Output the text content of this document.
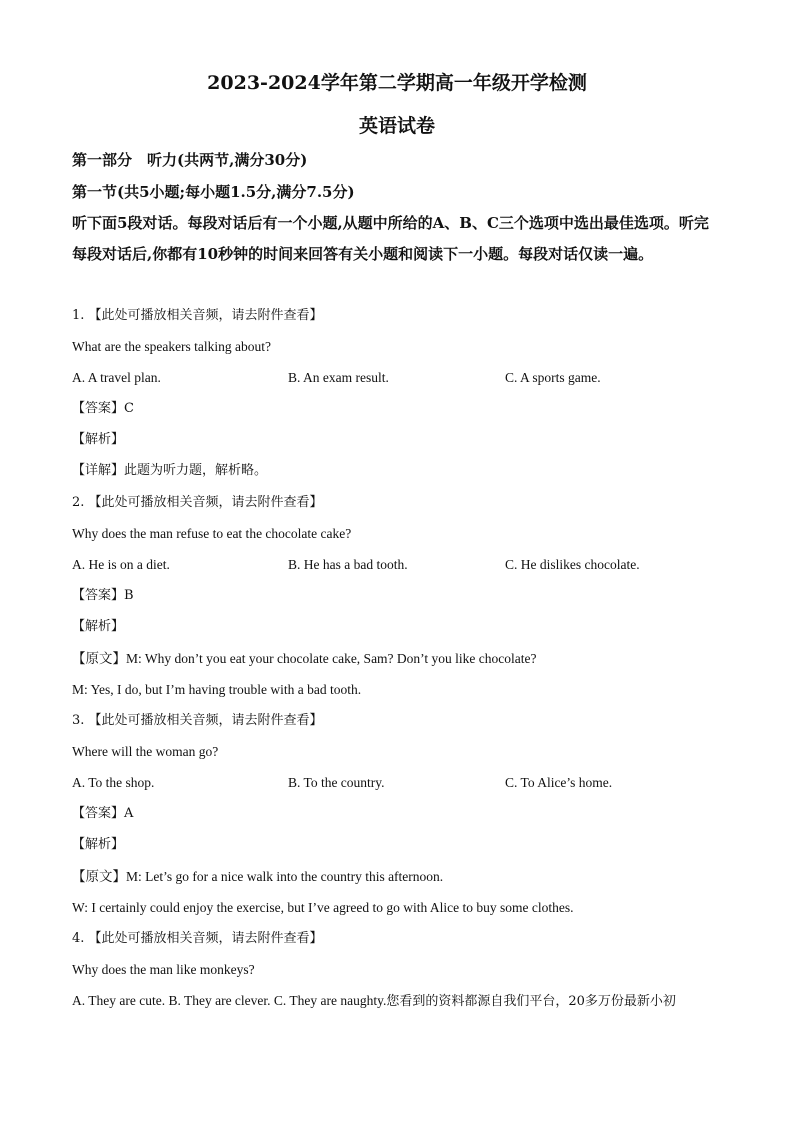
2023-2024学年第二学期高一年级开学检测
英语试卷
第一部分　听力(共两节,满分30分)
第一节(共5小题;每小题1.5分,满分7.5分)
听下面5段对话。每段对话后有一个小题,从题中所给的A、B、C三个选项中选出最佳选项。听完每段对话后,你都有10秒钟的时间来回答有关小题和阅读下一小题。每段对话仅读一遍。
1. 【此处可播放相关音频，请去附件查看】
What are the speakers talking about?
A. A travel plan.	B. An exam result.	C. A sports game.
【答案】C
【解析】
【详解】此题为听力题，解析略。
2. 【此处可播放相关音频，请去附件查看】
Why does the man refuse to eat the chocolate cake?
A. He is on a diet.	B. He has a bad tooth.	C. He dislikes chocolate.
【答案】B
【解析】
【原文】M: Why don’t you eat your chocolate cake, Sam? Don’t you like chocolate?
M: Yes, I do, but I’m having trouble with a bad tooth.
3. 【此处可播放相关音频，请去附件查看】
Where will the woman go?
A. To the shop.	B. To the country.	C. To Alice’s home.
【答案】A
【解析】
【原文】M: Let’s go for a nice walk into the country this afternoon.
W: I certainly could enjoy the exercise, but I’ve agreed to go with Alice to buy some clothes.
4. 【此处可播放相关音频，请去附件查看】
Why does the man like monkeys?
A. They are cute. B. They are clever. C. They are naughty.您看到的资料都源自我们平台，20多万份最新小初
